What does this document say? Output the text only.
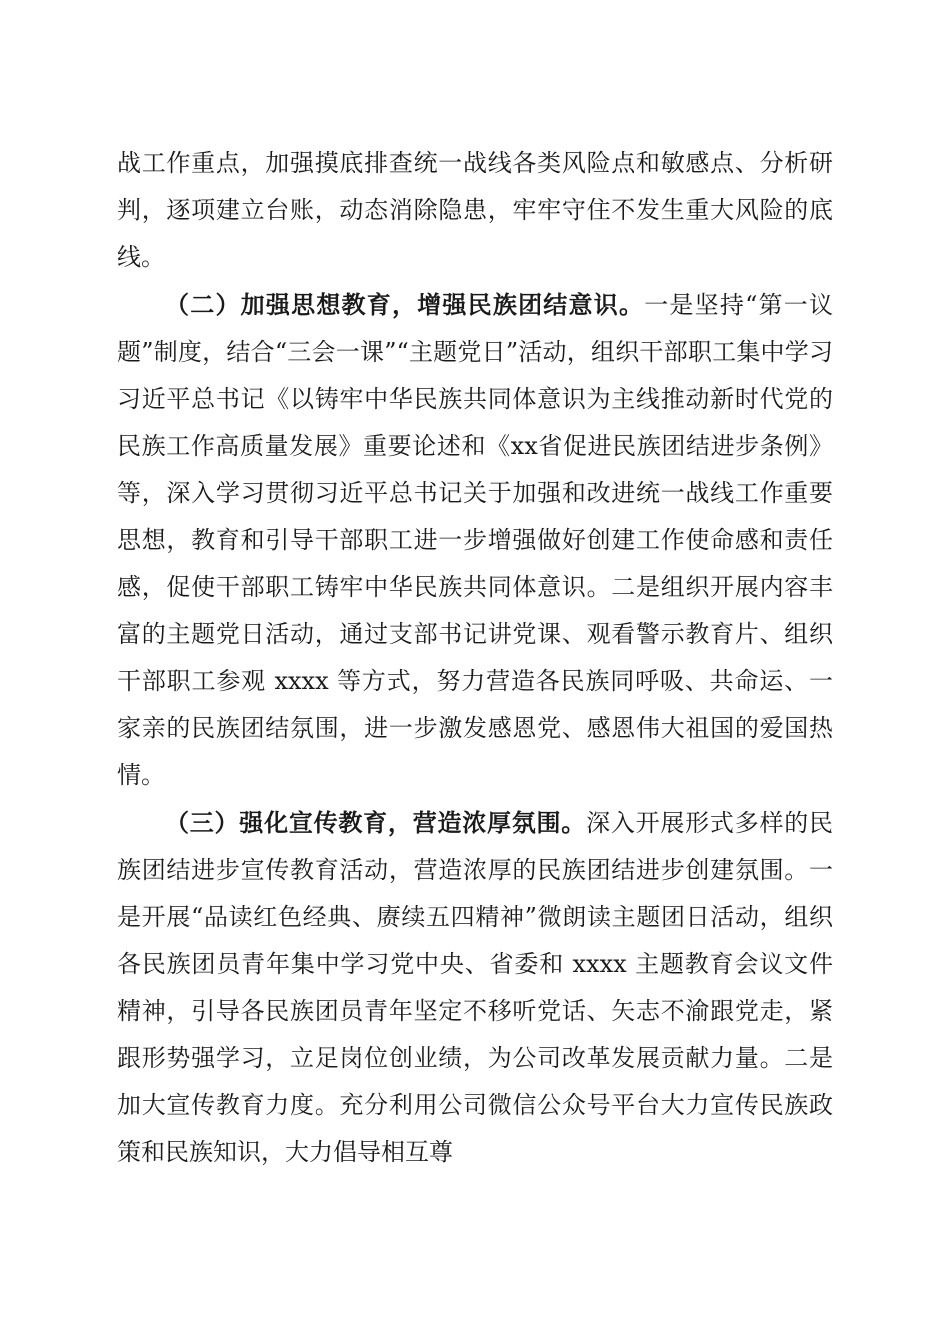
战工作重点，加强摸底排查统一战线各类风险点和敏感点、分析研判，逐项建立台账，动态消除隐患，牢牢守住不发生重大风险的底线。

（二）加强思想教育，增强民族团结意识。一是坚持“第一议题”制度，结合“三会一课”“主题党日”活动，组织干部职工集中学习习近平总书记《以铸牢中华民族共同体意识为主线推动新时代党的民族工作高质量发展》重要论述和《xx省促进民族团结进步条例》等，深入学习贯彻习近平总书记关于加强和改进统一战线工作重要思想，教育和引导干部职工进一步增强做好创建工作使命感和责任感，促使干部职工铸牢中华民族共同体意识。二是组织开展内容丰富的主题党日活动，通过支部书记讲党课、观看警示教育片、组织干部职工参观 xxxx 等方式，努力营造各民族同呼吸、共命运、一家亲的民族团结氛围，进一步激发感恩党、感恩伟大祖国的爱国热情。

（三）强化宣传教育，营造浓厚氛围。深入开展形式多样的民族团结进步宣传教育活动，营造浓厚的民族团结进步创建氛围。一是开展“品读红色经典、赓续五四精神”微朗读主题团日活动，组织各民族团员青年集中学习党中央、省委和 xxxx 主题教育会议文件精神，引导各民族团员青年坚定不移听党话、矢志不渝跟党走，紧跟形势强学习，立足岗位创业绩，为公司改革发展贡献力量。二是加大宣传教育力度。充分利用公司微信公众号平台大力宣传民族政策和民族知识，大力倡导相互尊
